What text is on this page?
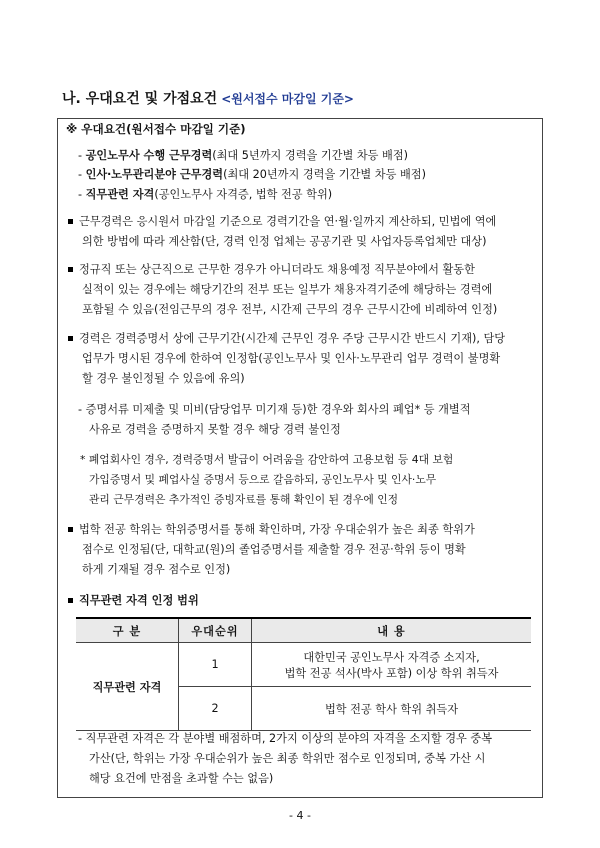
나. 우대요건 및 가점요건 <원서접수 마감일 기준>
※ 우대요건(원서접수 마감일 기준)
- 공인노무사 수행 근무경력(최대 5년까지 경력을 기간별 차등 배점)
- 인사‧노무관리분야 근무경력(최대 20년까지 경력을 기간별 차등 배점)
- 직무관련 자격(공인노무사 자격증, 법학 전공 학위)
근무경력은 응시원서 마감일 기준으로 경력기간을 연‧월‧일까지 계산하되, 민법에 역에
의한 방법에 따라 계산함(단, 경력 인정 업체는 공공기관 및 사업자등록업체만 대상)
정규직 또는 상근직으로 근무한 경우가 아니더라도 채용예정 직무분야에서 활동한
실적이 있는 경우에는 해당기간의 전부 또는 일부가 채용자격기준에 해당하는 경력에
포함될 수 있음(전임근무의 경우 전부, 시간제 근무의 경우 근무시간에 비례하여 인정)
경력은 경력증명서 상에 근무기간(시간제 근무인 경우 주당 근무시간 반드시 기재), 담당
업무가 명시된 경우에 한하여 인정함(공인노무사 및 인사‧노무관리 업무 경력이 불명확
할 경우 불인정될 수 있음에 유의)
- 증명서류 미제출 및 미비(담당업무 미기재 등)한 경우와 회사의 폐업* 등 개별적
사유로 경력을 증명하지 못할 경우 해당 경력 불인정
* 폐업회사인 경우, 경력증명서 발급이 어려움을 감안하여 고용보험 등 4대 보험
가입증명서 및 폐업사실 증명서 등으로 갈음하되, 공인노무사 및 인사‧노무
관리 근무경력은 추가적인 증빙자료를 통해 확인이 된 경우에 인정
법학 전공 학위는 학위증명서를 통해 확인하며, 가장 우대순위가 높은 최종 학위가
점수로 인정됨(단, 대학교(원)의 졸업증명서를 제출할 경우 전공‧학위 등이 명확
하게 기재될 경우 점수로 인정)
직무관련 자격 인정 범위
구 분	우대순위	내 용
직무관련 자격	1	대한민국 공인노무사 자격증 소지자,
법학 전공 석사(박사 포함) 이상 학위 취득자

	2	법학 전공 학사 학위 취득자
- 직무관련 자격은 각 분야별 배점하며, 2가지 이상의 분야의 자격을 소지할 경우 중복
가산(단, 학위는 가장 우대순위가 높은 최종 학위만 점수로 인정되며, 중복 가산 시
해당 요건에 만점을 초과할 수는 없음)
- 4 -
